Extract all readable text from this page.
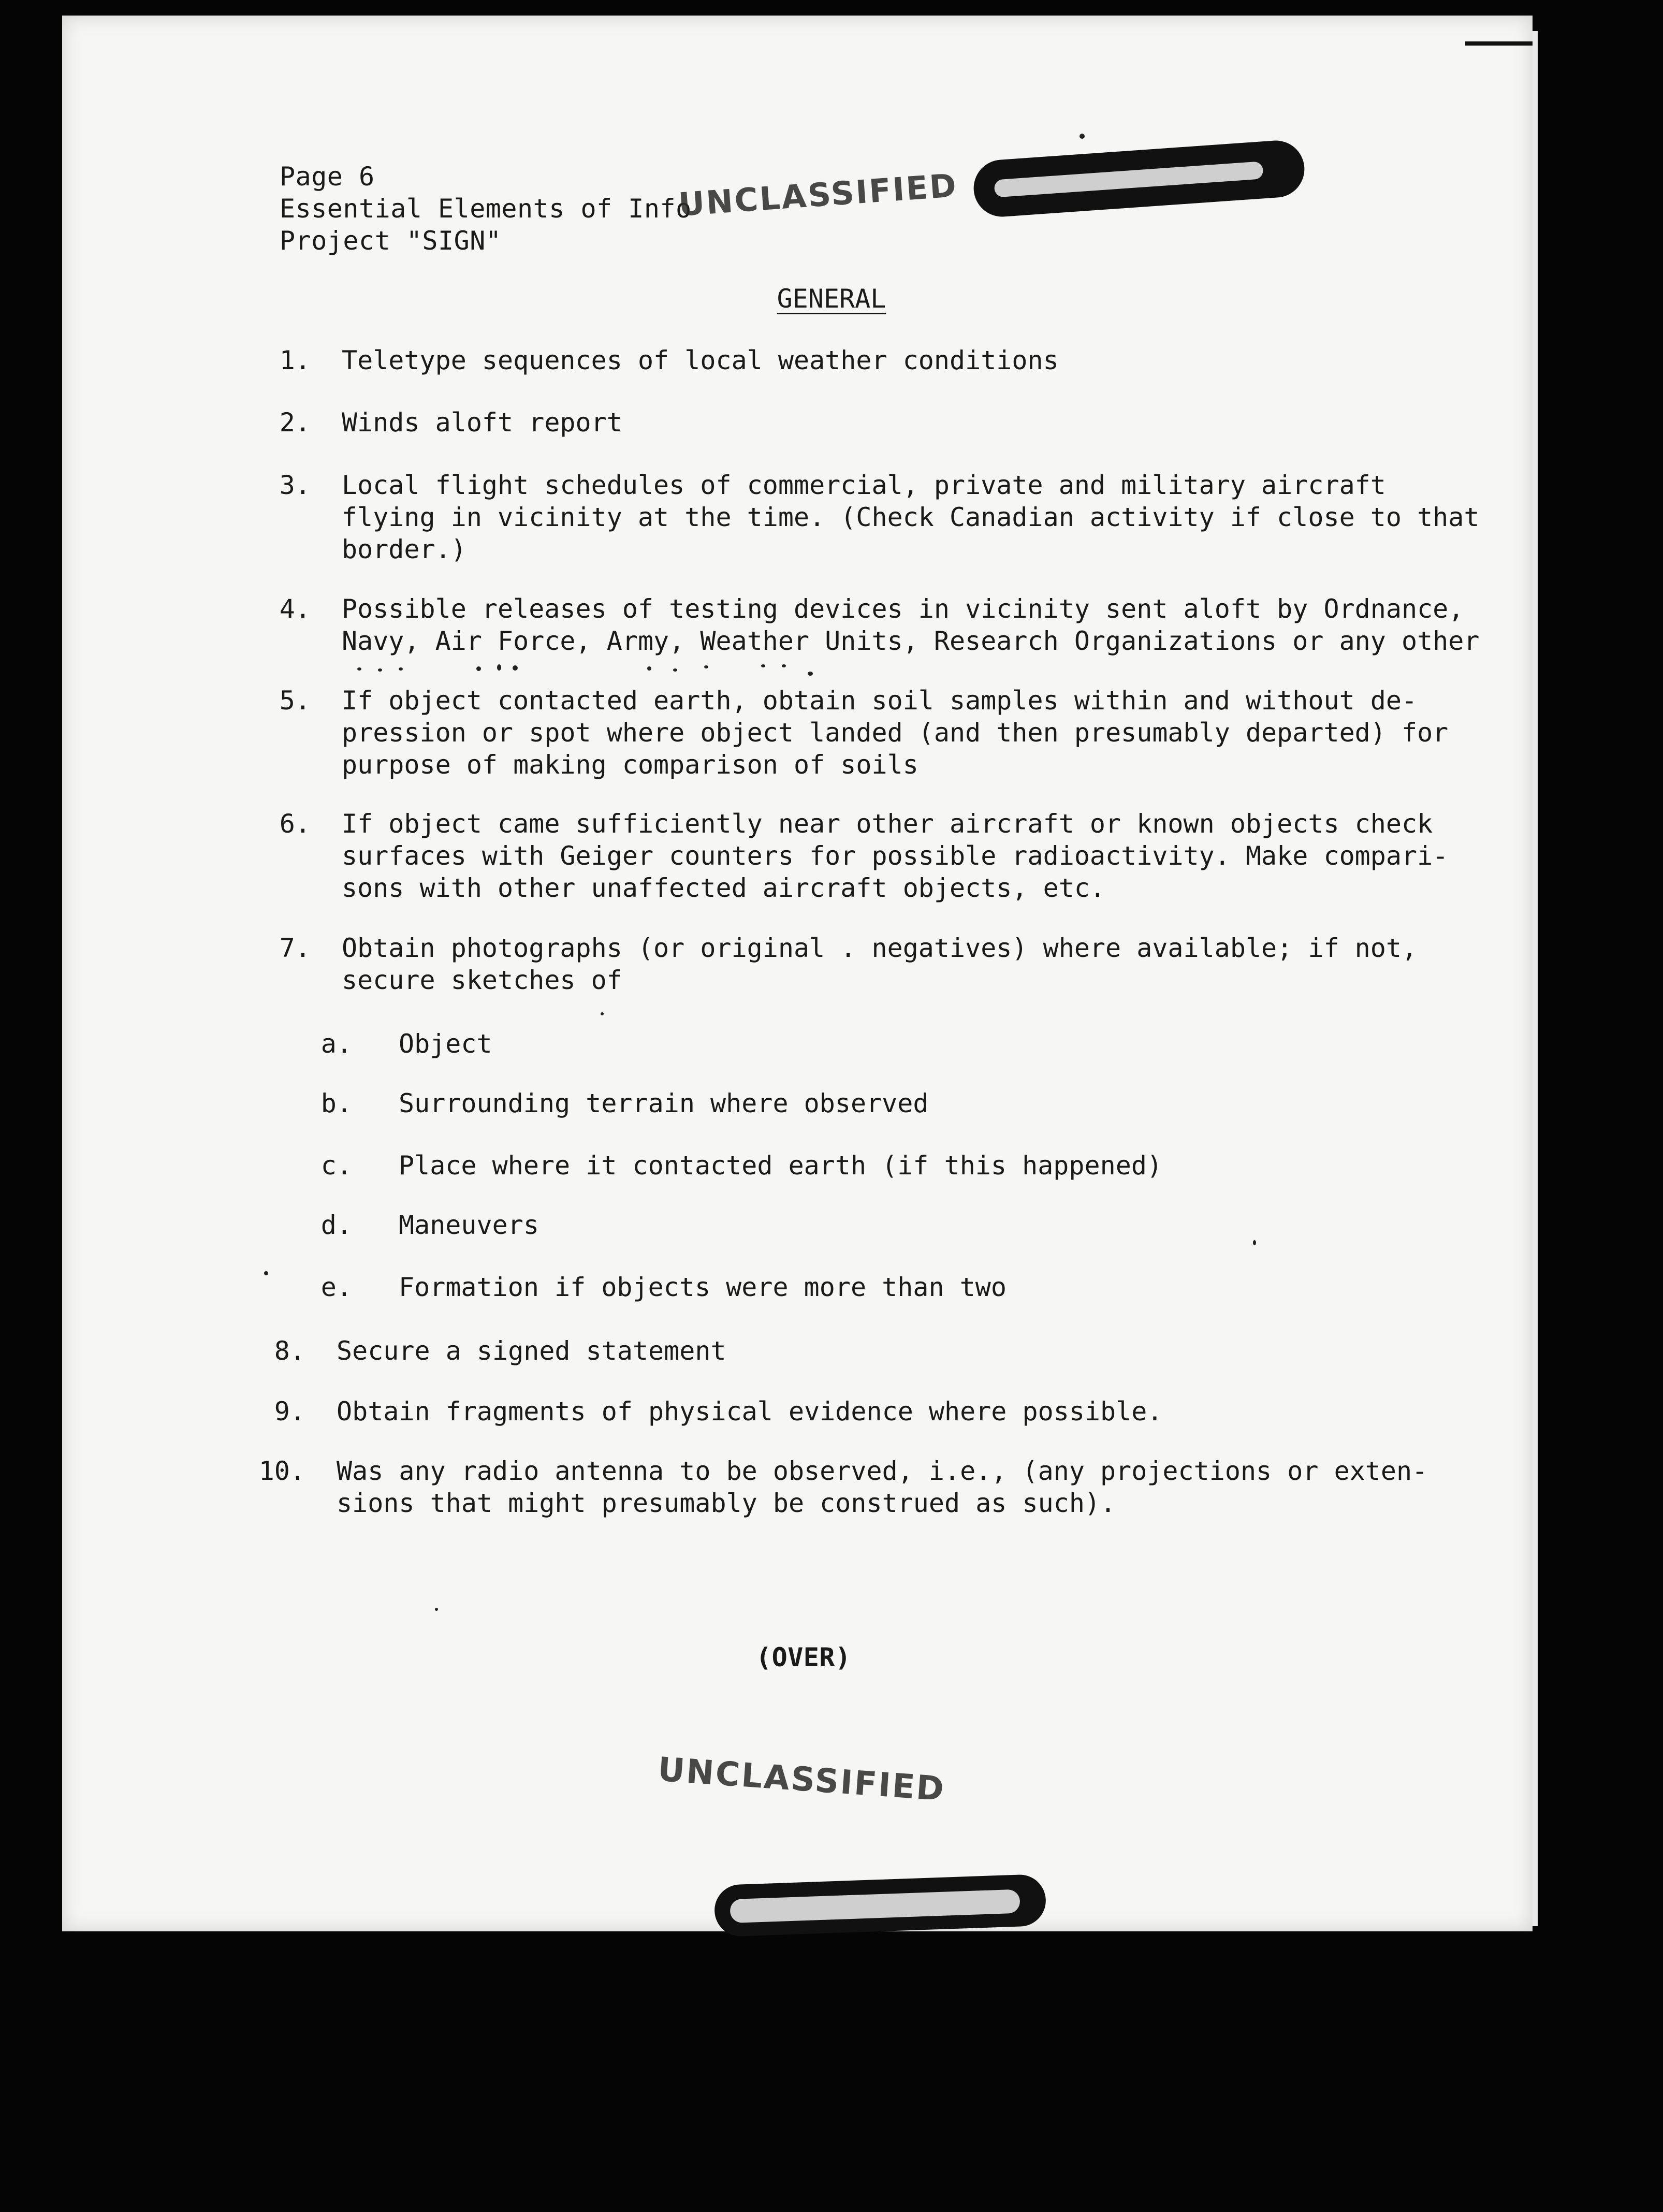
Page 6
Essential Elements of Info
Project "SIGN"
UNCLASSIFIED
GENERAL
1. Teletype sequences of local weather conditions
2. Winds aloft report
3. Local flight schedules of commercial, private and military aircraft
flying in vicinity at the time. (Check Canadian activity if close to that
border.)
4. Possible releases of testing devices in vicinity sent aloft by Ordnance,
Navy, Air Force, Army, Weather Units, Research Organizations or any other
5. If object contacted earth, obtain soil samples within and without de-
pression or spot where object landed (and then presumably departed) for
purpose of making comparison of soils
6. If object came sufficiently near other aircraft or known objects check
surfaces with Geiger counters for possible radioactivity. Make compari-
sons with other unaffected aircraft objects, etc.
7. Obtain photographs (or original . negatives) where available; if not,
secure sketches of
a. Object
b. Surrounding terrain where observed
c. Place where it contacted earth (if this happened)
d. Maneuvers
e. Formation if objects were more than two
8. Secure a signed statement
9. Obtain fragments of physical evidence where possible.
10. Was any radio antenna to be observed, i.e., (any projections or exten-
sions that might presumably be construed as such).
(OVER)
UNCLASSIFIED
